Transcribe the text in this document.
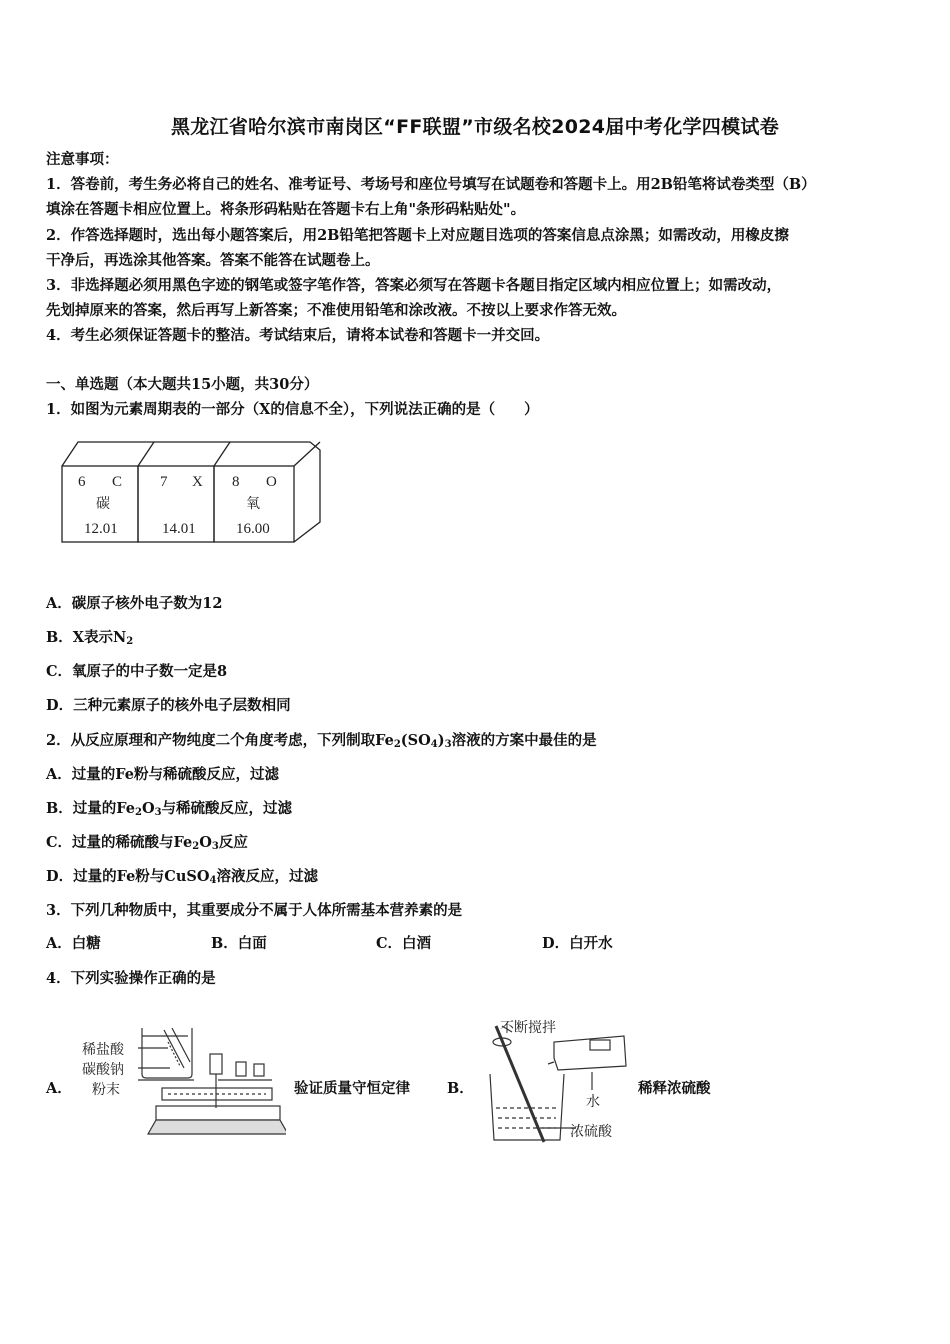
黑龙江省哈尔滨市南岗区“FF联盟”市级名校2024届中考化学四模试卷
注意事项：
1．答卷前，考生务必将自己的姓名、准考证号、考场号和座位号填写在试题卷和答题卡上。用2B铅笔将试卷类型（B）
填涂在答题卡相应位置上。将条形码粘贴在答题卡右上角"条形码粘贴处"。
2．作答选择题时，选出每小题答案后，用2B铅笔把答题卡上对应题目选项的答案信息点涂黑；如需改动，用橡皮擦
干净后，再选涂其他答案。答案不能答在试题卷上。
3．非选择题必须用黑色字迹的钢笔或签字笔作答，答案必须写在答题卡各题目指定区域内相应位置上；如需改动，
先划掉原来的答案，然后再写上新答案；不准使用铅笔和涂改液。不按以上要求作答无效。
4．考生必须保证答题卡的整洁。考试结束后，请将本试卷和答题卡一并交回。
一、单选题（本大题共15小题，共30分）
1．如图为元素周期表的一部分（X的信息不全），下列说法正确的是（　　）
6 C
碳
12.01
7 X
14.01
8 O
氧
16.00
A．碳原子核外电子数为12
B．X表示$N_2$
C．氧原子的中子数一定是8
D．三种元素原子的核外电子层数相同
2．从反应原理和产物纯度二个角度考虑，下列制取$Fe_2(SO_4)_3$溶液的方案中最佳的是
A．过量的Fe粉与稀硫酸反应，过滤
B．过量的$Fe_2O_3$与稀硫酸反应，过滤
C．过量的稀硫酸与$Fe_2O_3$反应
D．过量的Fe粉与CuSO$_4$溶液反应，过滤
3．下列几种物质中，其重要成分不属于人体所需基本营养素的是
A．白糖	B．白面	C．白酒	D．白开水
4．下列实验操作正确的是
A．
稀盐酸
碳酸钠
粉末	验证质量守恒定律	B．
不断搅拌
水
浓硫酸
稀释浓硫酸
